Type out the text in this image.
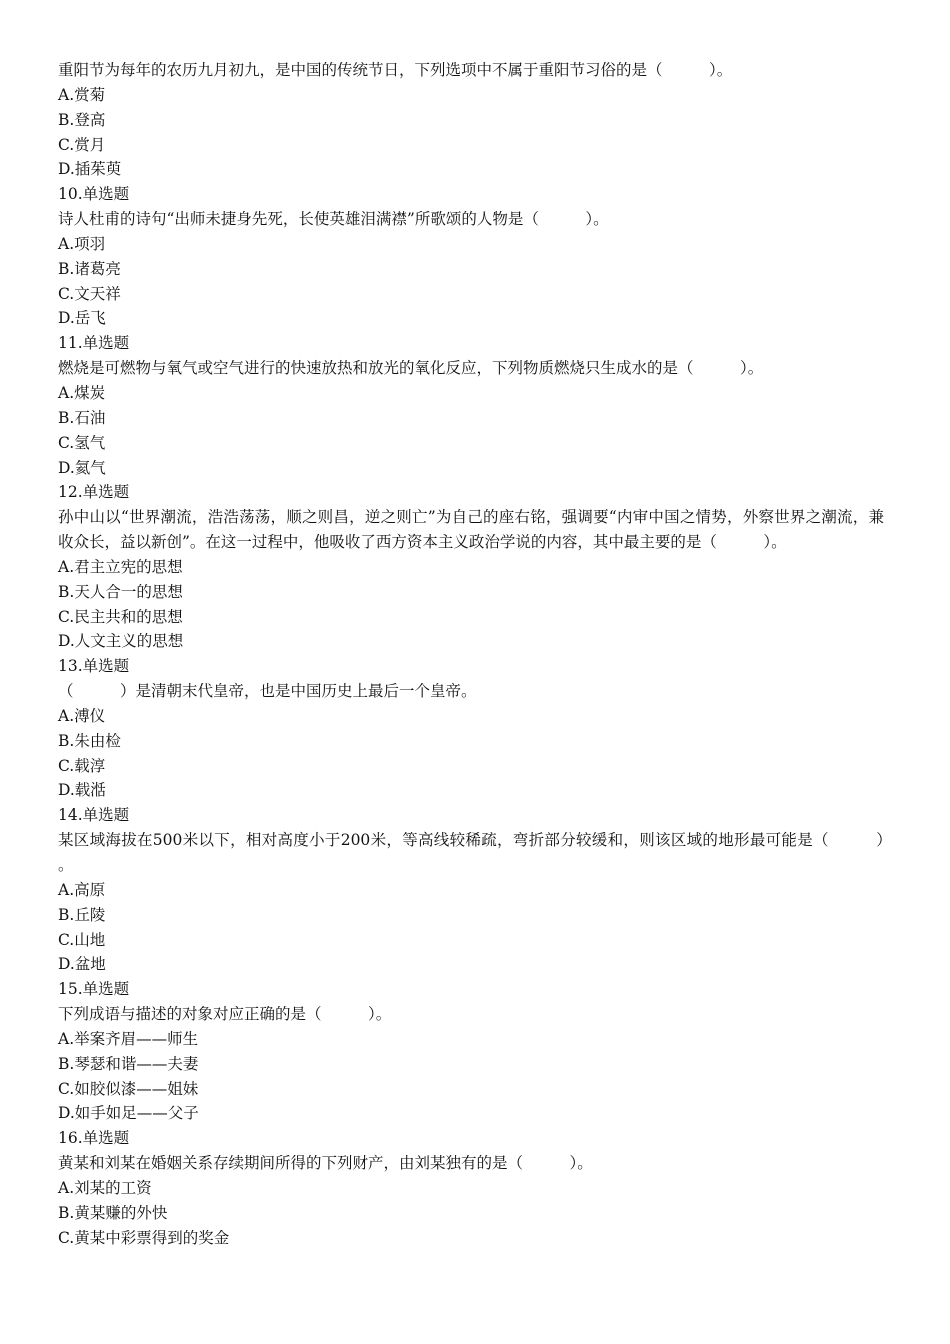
重阳节为每年的农历九月初九，是中国的传统节日，下列选项中不属于重阳节习俗的是（　　　）。
A.赏菊
B.登高
C.赏月
D.插茱萸
10.单选题
诗人杜甫的诗句“出师未捷身先死，长使英雄泪满襟”所歌颂的人物是（　　　）。
A.项羽
B.诸葛亮
C.文天祥
D.岳飞
11.单选题
燃烧是可燃物与氧气或空气进行的快速放热和放光的氧化反应，下列物质燃烧只生成水的是（　　　）。
A.煤炭
B.石油
C.氢气
D.氦气
12.单选题
孙中山以“世界潮流，浩浩荡荡，顺之则昌，逆之则亡”为自己的座右铭，强调要“内审中国之情势，外察世界之潮流，兼收众长，益以新创”。在这一过程中，他吸收了西方资本主义政治学说的内容，其中最主要的是（　　　）。
A.君主立宪的思想
B.天人合一的思想
C.民主共和的思想
D.人文主义的思想
13.单选题
（　　　）是清朝末代皇帝，也是中国历史上最后一个皇帝。
A.溥仪
B.朱由检
C.载淳
D.载湉
14.单选题
某区域海拔在500米以下，相对高度小于200米，等高线较稀疏，弯折部分较缓和，则该区域的地形最可能是（　　　）。
A.高原
B.丘陵
C.山地
D.盆地
15.单选题
下列成语与描述的对象对应正确的是（　　　）。
A.举案齐眉——师生
B.琴瑟和谐——夫妻
C.如胶似漆——姐妹
D.如手如足——父子
16.单选题
黄某和刘某在婚姻关系存续期间所得的下列财产，由刘某独有的是（　　　）。
A.刘某的工资
B.黄某赚的外快
C.黄某中彩票得到的奖金
